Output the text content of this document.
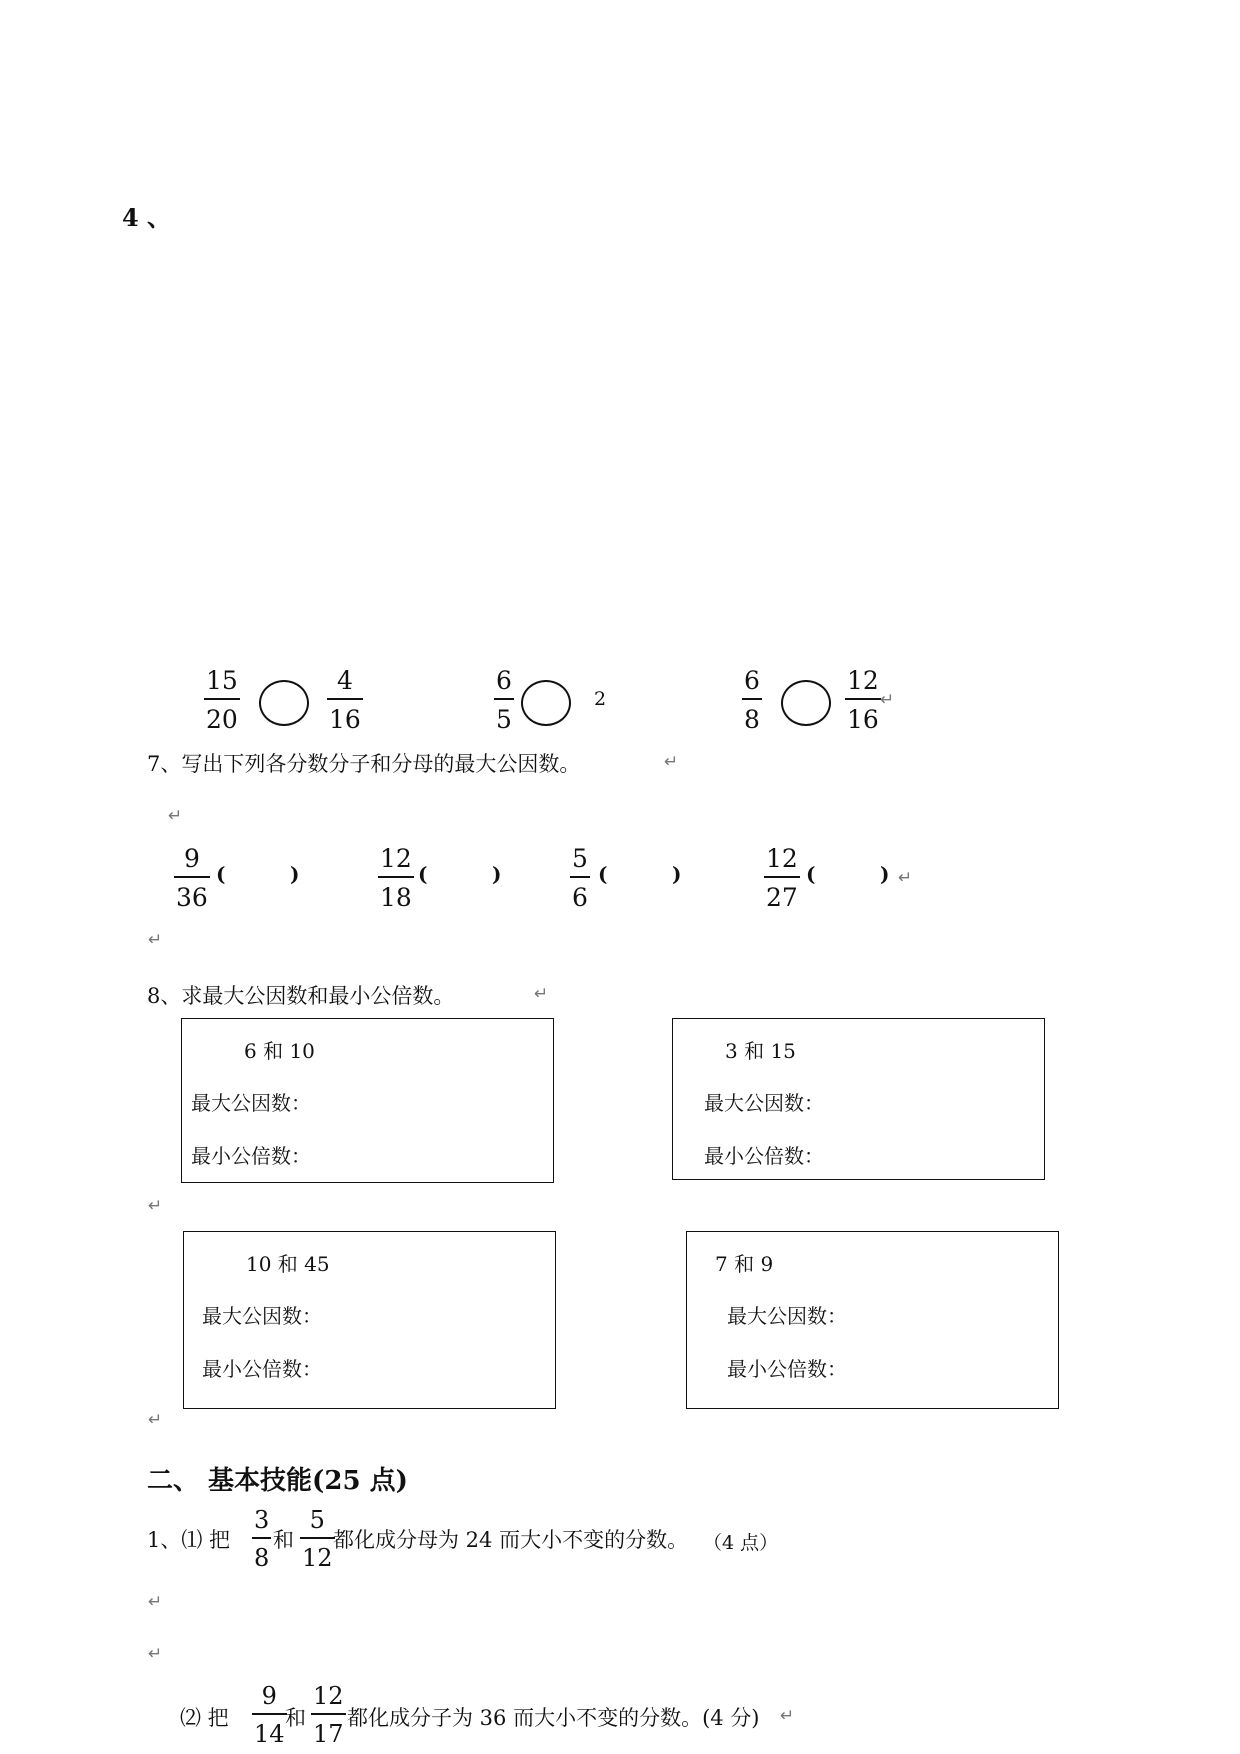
4 、
15
20
4
16
6
5
2
6
8
12
16
↵
7、写出下列各分数分子和分母的最大公因数。	↵
↵
9
36
(	)
12
18
(	)
5
6
(	)
12
27
(	) ↵
↵
8、求最大公因数和最小公倍数。	↵
6 和 10
最大公因数：
最小公倍数：
3 和 15
最大公因数：
最小公倍数：
↵
10 和 45
最大公因数：
最小公倍数：
7 和 9
最大公因数：
最小公倍数：
↵
二、 基本技能(25 点)
1、⑴ 把
3
8
和
5
12
都化成分母为 24 而大小不变的分数。 （4 点）
↵
↵
⑵ 把
9
14
和
12
17
都化成分子为 36 而大小不变的分数。(4 分) ↵
